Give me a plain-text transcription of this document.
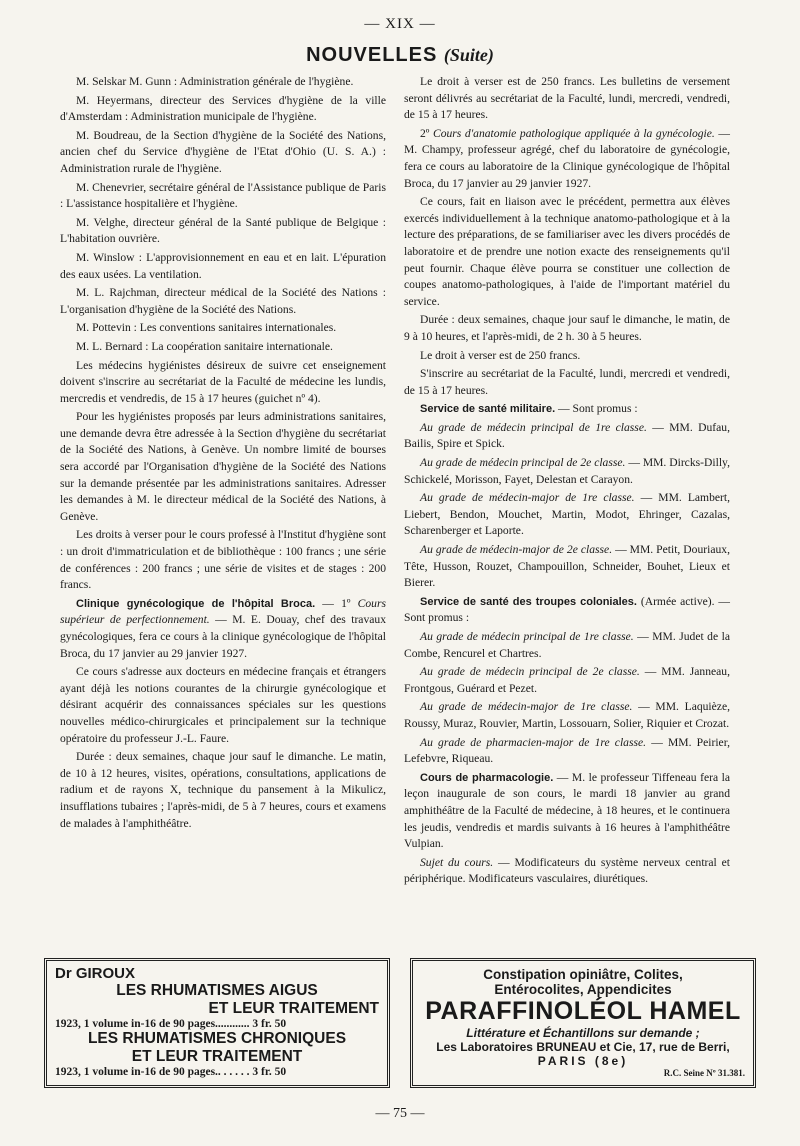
— XIX —
NOUVELLES (Suite)

M. Selskar M. Gunn : Administration générale de l'hygiène.

M. Heyermans, directeur des Services d'hygiène de la ville d'Amsterdam : Administration municipale de l'hygiène.

M. Boudreau, de la Section d'hygiène de la Société des Nations, ancien chef du Service d'hygiène de l'Etat d'Ohio (U. S. A.) : Administration rurale de l'hygiène.

M. Chenevrier, secrétaire général de l'Assistance publique de Paris : L'assistance hospitalière et l'hygiène.

M. Velghe, directeur général de la Santé publique de Belgique : L'habitation ouvrière.

M. Winslow : L'approvisionnement en eau et en lait. L'épuration des eaux usées. La ventilation.

M. L. Rajchman, directeur médical de la Société des Nations : L'organisation d'hygiène de la Société des Nations.

M. Pottevin : Les conventions sanitaires internationales.

M. L. Bernard : La coopération sanitaire internationale.

Les médecins hygiénistes désireux de suivre cet enseignement doivent s'inscrire au secrétariat de la Faculté de médecine les lundis, mercredis et vendredis, de 15 à 17 heures (guichet nº 4).

Pour les hygiénistes proposés par leurs administrations sanitaires, une demande devra être adressée à la Section d'hygiène du secrétariat de la Société des Nations, à Genève. Un nombre limité de bourses sera accordé par l'Organisation d'hygiène de la Société des Nations sur la demande présentée par les administrations sanitaires. Adresser les demandes à M. le directeur médical de la Société des Nations, à Genève.

Les droits à verser pour le cours professé à l'Institut d'hygiène sont : un droit d'immatriculation et de bibliothèque : 100 francs ; une série de conférences : 200 francs ; une série de visites et de stages : 200 francs.

Clinique gynécologique de l'hôpital Broca. — 1º Cours supérieur de perfectionnement. — M. E. Douay, chef des travaux gynécologiques, fera ce cours à la clinique gynécologique de l'hôpital Broca, du 17 janvier au 29 janvier 1927.

Ce cours s'adresse aux docteurs en médecine français et étrangers ayant déjà les notions courantes de la chirurgie gynécologique et désirant acquérir des connaissances spéciales sur les questions nouvelles médico-chirurgicales et principalement sur la technique opératoire du professeur J.-L. Faure.

Durée : deux semaines, chaque jour sauf le dimanche. Le matin, de 10 à 12 heures, visites, opérations, consultations, applications de radium et de rayons X, technique du pansement à la Mikulicz, insufflations tubaires ; l'après-midi, de 5 à 7 heures, cours et examens de malades à l'amphithéâtre.

Le droit à verser est de 250 francs. Les bulletins de versement seront délivrés au secrétariat de la Faculté, lundi, mercredi, vendredi, de 15 à 17 heures.

2º Cours d'anatomie pathologique appliquée à la gynécologie. — M. Champy, professeur agrégé, chef du laboratoire de gynécologie, fera ce cours au laboratoire de la Clinique gynécologique de l'hôpital Broca, du 17 janvier au 29 janvier 1927.

Ce cours, fait en liaison avec le précédent, permettra aux élèves exercés individuellement à la technique anatomo-pathologique et à la lecture des préparations, de se familiariser avec les divers procédés de laboratoire et de prendre une notion exacte des renseignements qu'il peut fournir. Chaque élève pourra se constituer une collection de coupes anatomo-pathologiques, à l'aide de l'important matériel du service.

Durée : deux semaines, chaque jour sauf le dimanche, le matin, de 9 à 10 heures, et l'après-midi, de 2 h. 30 à 5 heures.

Le droit à verser est de 250 francs.

S'inscrire au secrétariat de la Faculté, lundi, mercredi et vendredi, de 15 à 17 heures.

Service de santé militaire. — Sont promus :

Au grade de médecin principal de 1re classe. — MM. Dufau, Bailis, Spire et Spick.

Au grade de médecin principal de 2e classe. — MM. Dircks-Dilly, Schickelé, Morisson, Fayet, Delestan et Carayon.

Au grade de médecin-major de 1re classe. — MM. Lambert, Liebert, Bendon, Mouchet, Martin, Modot, Ehringer, Cazalas, Scharenberger et Laporte.

Au grade de médecin-major de 2e classe. — MM. Petit, Douriaux, Tête, Husson, Rouzet, Champouillon, Schneider, Bouhet, Lieux et Bierer.

Service de santé des troupes coloniales. (Armée active). — Sont promus :

Au grade de médecin principal de 1re classe. — MM. Judet de la Combe, Rencurel et Chartres.

Au grade de médecin principal de 2e classe. — MM. Janneau, Frontgous, Guérard et Pezet.

Au grade de médecin-major de 1re classe. — MM. Laquièze, Roussy, Muraz, Rouvier, Martin, Lossouarn, Solier, Riquier et Crozat.

Au grade de pharmacien-major de 1re classe. — MM. Peirier, Lefebvre, Riqueau.

Cours de pharmacologie. — M. le professeur Tiffeneau fera la leçon inaugurale de son cours, le mardi 18 janvier au grand amphithéâtre de la Faculté de médecine, à 18 heures, et le continuera les jeudis, vendredis et mardis suivants à 16 heures à l'amphithéâtre Vulpian.

Sujet du cours. — Modificateurs du système nerveux central et périphérique. Modificateurs vasculaires, diurétiques.

Dr GIROUX
LES RHUMATISMES AIGUS
ET LEUR TRAITEMENT
1923, 1 volume in-16 de 90 pages............ 3 fr. 50
LES RHUMATISMES CHRONIQUES
ET LEUR TRAITEMENT
1923, 1 volume in-16 de 90 pages.. . . . . . 3 fr. 50
Constipation opiniâtre, Colites,
Entérocolites, Appendicites
PARAFFINOLÉOL HAMEL
Littérature et Échantillons sur demande ;
Les Laboratoires BRUNEAU et Cie, 17, rue de Berri,
PARIS (8e)
R.C. Seine Nº 31.381.
— 75 —
